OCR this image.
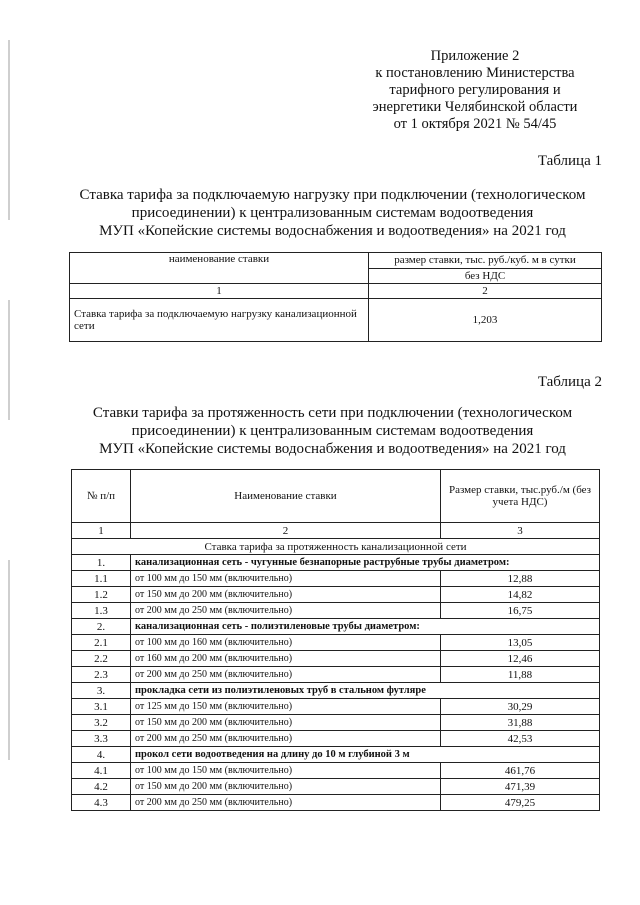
Приложение 2
к постановлению Министерства
тарифного регулирования и
энергетики Челябинской области
от 1 октября 2021 № 54/45
Таблица 1
Ставка тарифа за подключаемую нагрузку при подключении (технологическом
присоединении) к централизованным системам водоотведения
МУП «Копейские системы водоснабжения и водоотведения» на 2021 год
наименование ставки	размер ставки, тыс. руб./куб. м в сутки
	без НДС
1	2
Ставка тарифа за подключаемую нагрузку канализационной сети	1,203
Таблица 2
Ставки тарифа за протяженность сети при подключении (технологическом
присоединении) к централизованным системам водоотведения
МУП «Копейские системы водоснабжения и водоотведения» на 2021 год
№ п/п	Наименование ставки	Размер ставки, тыс.руб./м (без учета НДС)
1	2	3
Ставка тарифа за протяженность канализационной сети		
1.	канализационная сеть - чугунные безнапорные раструбные трубы диаметром:	
1.1	от 100 мм до 150 мм (включительно)	12,88
1.2	от 150 мм до 200 мм (включительно)	14,82
1.3	от 200 мм до 250 мм (включительно)	16,75
2.	канализационная сеть - полиэтиленовые трубы диаметром:	
2.1	от 100 мм до 160 мм (включительно)	13,05
2.2	от 160 мм до 200 мм (включительно)	12,46
2.3	от 200 мм до 250 мм (включительно)	11,88
3.	прокладка сети из полиэтиленовых труб в стальном футляре	
3.1	от 125 мм до 150 мм (включительно)	30,29
3.2	от 150 мм до 200 мм (включительно)	31,88
3.3	от 200 мм до 250 мм (включительно)	42,53
4.	прокол сети водоотведения на длину до 10 м глубиной 3 м	
4.1	от 100 мм до 150 мм (включительно)	461,76
4.2	от 150 мм до 200 мм (включительно)	471,39
4.3	от 200 мм до 250 мм (включительно)	479,25
